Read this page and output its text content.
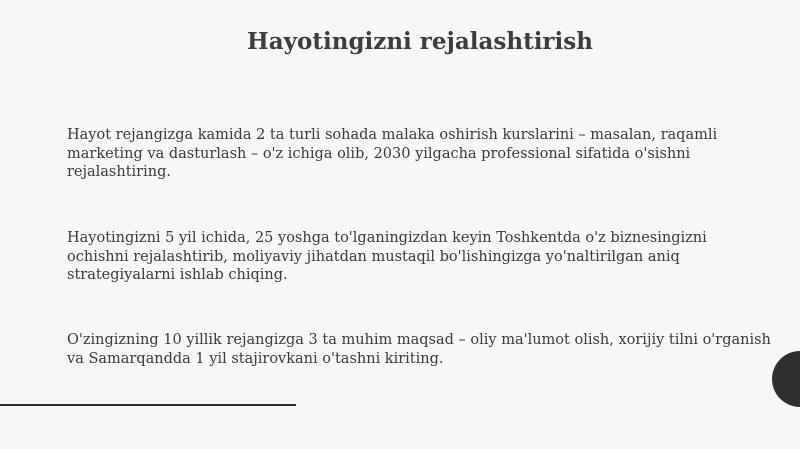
Hayotingizni rejalashtirish

Hayot rejangizga kamida 2 ta turli sohada malaka oshirish kurslarini – masalan, raqamli
marketing va dasturlash – o'z ichiga olib, 2030 yilgacha professional sifatida o'sishni
rejalashtiring.

Hayotingizni 5 yil ichida, 25 yoshga to'lganingizdan keyin Toshkentda o'z biznesingizni
ochishni rejalashtirib, moliyaviy jihatdan mustaqil bo'lishingizga yo'naltirilgan aniq
strategiyalarni ishlab chiqing.

O'zingizning 10 yillik rejangizga 3 ta muhim maqsad – oliy ma'lumot olish, xorijiy tilni o'rganish
va Samarqandda 1 yil stajirovkani o'tashni kiriting.
